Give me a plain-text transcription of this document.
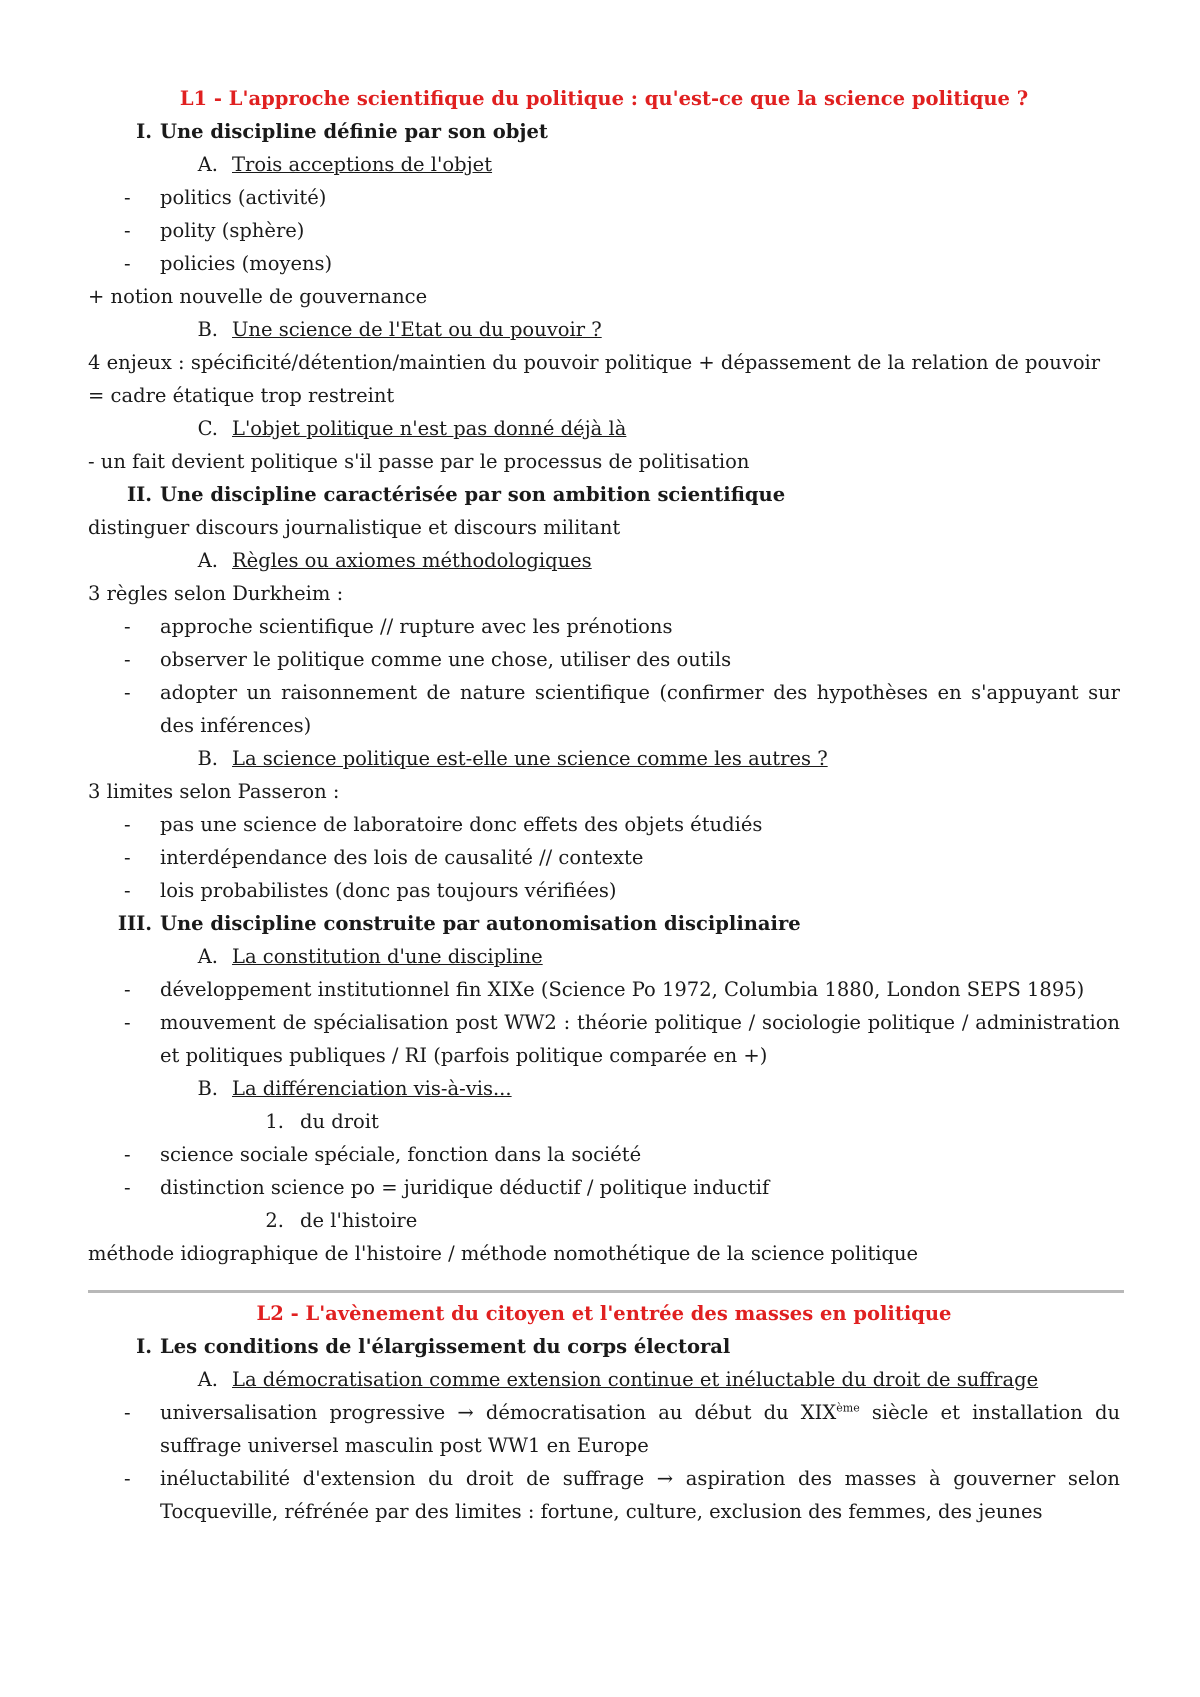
L1 - L'approche scientifique du politique : qu'est-ce que la science politique ?
I. Une discipline définie par son objet
A. Trois acceptions de l'objet
- politics (activité)
- polity (sphère)
- policies (moyens)
+ notion nouvelle de gouvernance
B. Une science de l'Etat ou du pouvoir ?
4 enjeux : spécificité/détention/maintien du pouvoir politique + dépassement de la relation de pouvoir
= cadre étatique trop restreint
C. L'objet politique n'est pas donné déjà là
- un fait devient politique s'il passe par le processus de politisation
II. Une discipline caractérisée par son ambition scientifique
distinguer discours journalistique et discours militant
A. Règles ou axiomes méthodologiques
3 règles selon Durkheim :
- approche scientifique // rupture avec les prénotions
- observer le politique comme une chose, utiliser des outils
- adopter un raisonnement de nature scientifique (confirmer des hypothèses en s'appuyant sur des inférences)
B. La science politique est-elle une science comme les autres ?
3 limites selon Passeron :
- pas une science de laboratoire donc effets des objets étudiés
- interdépendance des lois de causalité // contexte
- lois probabilistes (donc pas toujours vérifiées)
III. Une discipline construite par autonomisation disciplinaire
A. La constitution d'une discipline
- développement institutionnel fin XIXe (Science Po 1972, Columbia 1880, London SEPS 1895)
- mouvement de spécialisation post WW2 : théorie politique / sociologie politique / administration et politiques publiques / RI (parfois politique comparée en +)
B. La différenciation vis-à-vis...
1. du droit
- science sociale spéciale, fonction dans la société
- distinction science po = juridique déductif / politique inductif
2. de l'histoire
méthode idiographique de l'histoire / méthode nomothétique de la science politique
L2 - L'avènement du citoyen et l'entrée des masses en politique
I. Les conditions de l'élargissement du corps électoral
A. La démocratisation comme extension continue et inéluctable du droit de suffrage
- universalisation progressive → démocratisation au début du XIXème siècle et installation du suffrage universel masculin post WW1 en Europe
- inéluctabilité d'extension du droit de suffrage → aspiration des masses à gouverner selon Tocqueville, réfrénée par des limites : fortune, culture, exclusion des femmes, des jeunes
